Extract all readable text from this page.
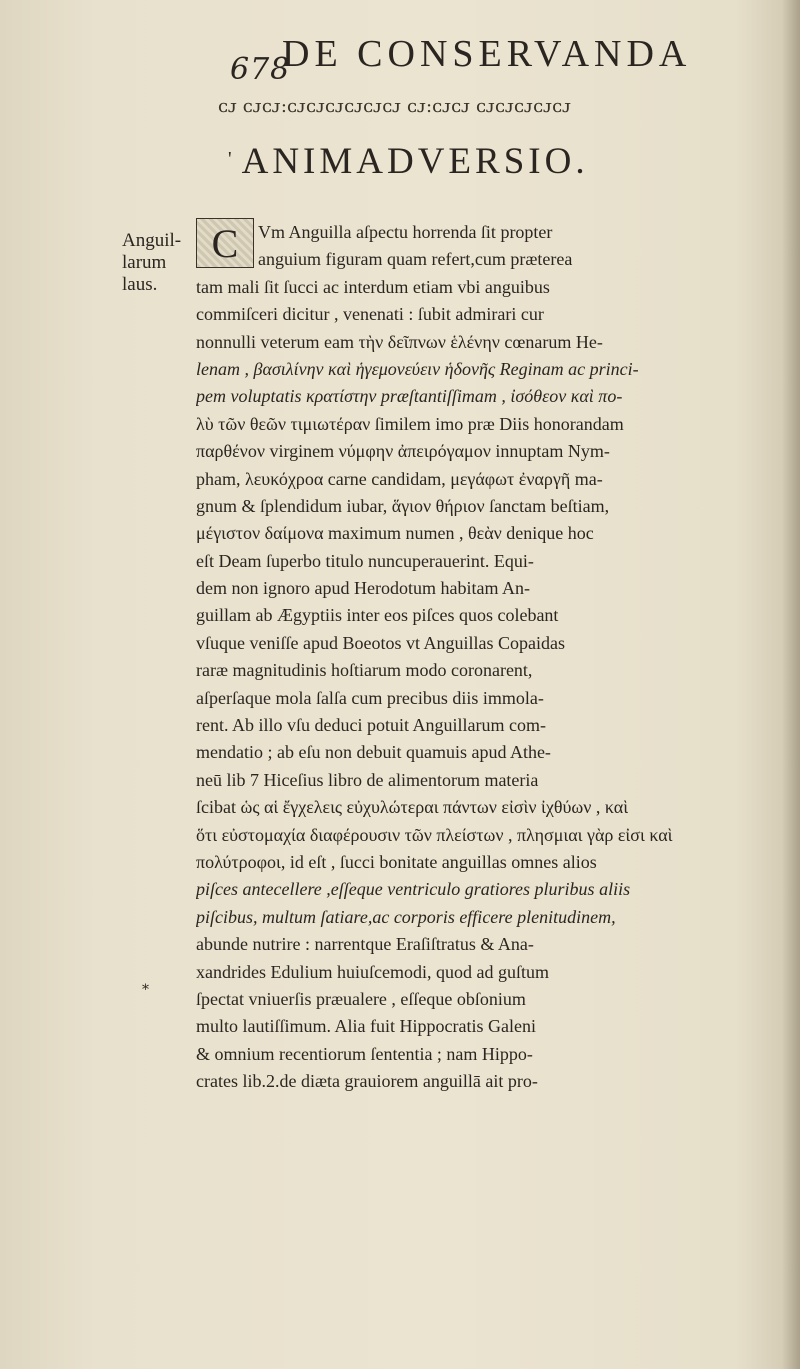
678
DE CONSERVANDA
ᴄᴊ ᴄᴊᴄᴊ:ᴄᴊᴄᴊᴄᴊᴄᴊᴄᴊᴄᴊ ᴄᴊ:ᴄᴊᴄᴊ ᴄᴊᴄᴊᴄᴊᴄᴊᴄᴊ
' ANIMADVERSIO.
Anguil-
larum
laus.
*
C	Vm Anguilla aſpectu horrenda ſit propter
anguium figuram quam refert,cum præterea
tam mali ſit ſucci ac interdum etiam vbi anguibus
commiſceri dicitur , venenati : ſubit admirari cur
nonnulli veterum eam τὴν δεῖπνων ἑλένην cœnarum He-
lenam , βασιλίνην καὶ ἡγεμονεύειν ἡδονῆς Reginam ac princi-
pem voluptatis κρατίστην præſtantiſſimam , ἰσόθεον καὶ πο-
λὺ τῶν θεῶν τιμιωτέραν ſimilem imo præ Diis honorandam
παρθένον virginem νύμφην ἀπειρόγαμον innuptam Nym-
pham, λευκόχροα carne candidam, μεγάφωτ ἐναργῆ ma-
gnum & ſplendidum iubar, ἅγιον θήριον ſanctam beſtiam,
μέγιστον δαίμονα maximum numen , θεὰν denique hoc
eſt Deam ſuperbo titulo nuncuperauerint. Equi-
dem non ignoro apud Herodotum habitam An-
guillam ab Ægyptiis inter eos piſces quos colebant
vſuque veniſſe apud Boeotos vt Anguillas Copaidas
raræ magnitudinis hoſtiarum modo coronarent,
aſperſaque mola ſalſa cum precibus diis immola-
rent. Ab illo vſu deduci potuit Anguillarum com-
mendatio ; ab eſu non debuit quamuis apud Athe-
neū lib 7 Hiceſius libro de alimentorum materia
ſcibat ὡς αἱ ἔγχελεις εὐχυλώτεραι πάντων εἰσὶν ἰχθύων , καὶ
ὅτι εὐστομαχία διαφέρουσιν τῶν πλείστων , πλησμιαι γὰρ εἰσι καὶ
πολύτροφοι, id eſt , ſucci bonitate anguillas omnes alios
piſces antecellere ,eſſeque ventriculo gratiores pluribus aliis
piſcibus, multum ſatiare,ac corporis efficere plenitudinem,
abunde nutrire : narrentque Eraſiſtratus & Ana-
xandrides Edulium huiuſcemodi, quod ad guſtum
ſpectat vniuerſis præualere , eſſeque obſonium
multo lautiſſimum. Alia fuit Hippocratis Galeni
& omnium recentiorum ſententia ; nam Hippo-
crates lib.2.de diæta grauiorem anguillā ait pro-
